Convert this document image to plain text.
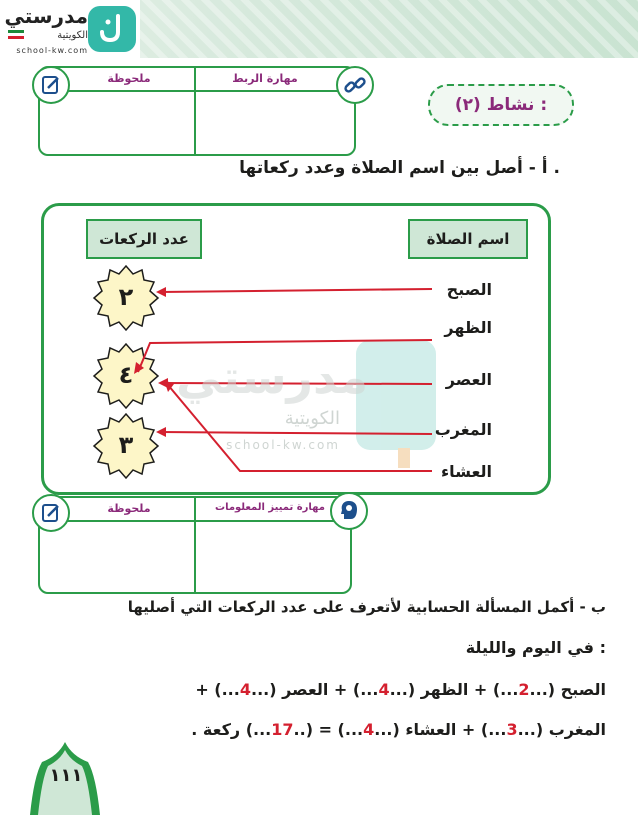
مدرستي
الكويتية
school-kw.com
مهارة الربط
ملحوظة
نشاط (٢) :
أ - أصل بين اسم الصلاة وعدد ركعاتها .
عدد الركعات	اسم الصلاة
الصبح
الظهر
العصر
المغرب
العشاء
٢
٤
٣
مدرستي
الكويتية
school-kw.com
مهارة تمييز المعلومات
ملحوظة
ب - أكمل المسألة الحسابية لأتعرف على عدد الركعات التي أصليها
في اليوم والليلة :
الصبح (...2...) + الظهر (...4...) + العصر (...4...) +
المغرب (...3...) + العشاء (...4...) = (..17...) ركعة .
١١١
